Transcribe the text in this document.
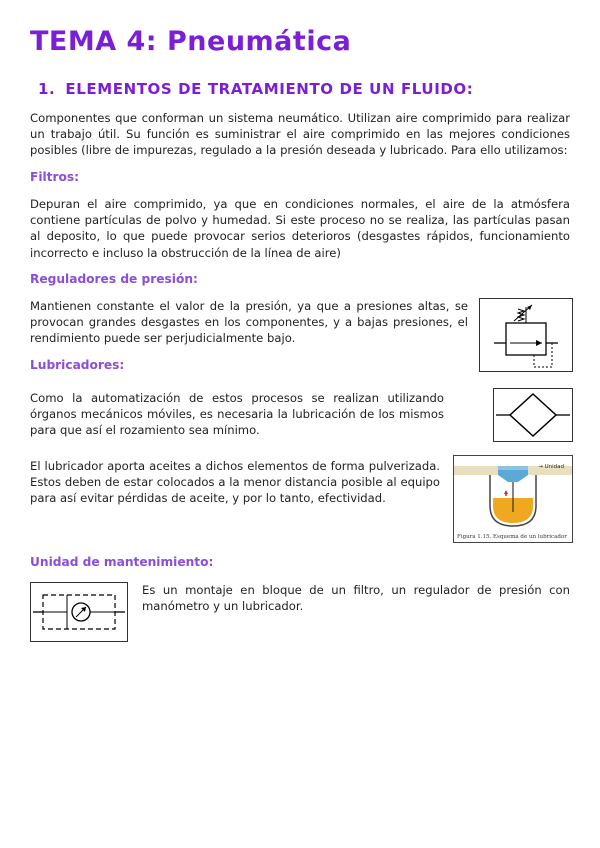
TEMA 4: Pneumática
1. ELEMENTOS DE TRATAMIENTO DE UN FLUIDO:

Componentes que conforman un sistema neumático. Utilizan aire comprimido para realizar un trabajo útil. Su función es suministrar el aire comprimido en las mejores condiciones posibles (libre de impurezas, regulado a la presión deseada y lubricado. Para ello utilizamos:

Filtros:

Depuran el aire comprimido, ya que en condiciones normales, el aire de la atmósfera contiene partículas de polvo y humedad. Si este proceso no se realiza, las partículas pasan al deposito, lo que puede provocar serios deterioros (desgastes rápidos, funcionamiento incorrecto e incluso la obstrucción de la línea de aire)

Reguladores de presión:

Mantienen constante el valor de la presión, ya que a presiones altas, se provocan grandes desgastes en los componentes, y a bajas presiones, el rendimiento puede ser perjudicialmente bajo.

Lubricadores:

Como la automatización de estos procesos se realizan utilizando órganos mecánicos móviles, es necesaria la lubricación de los mismos para que así el rozamiento sea mínimo.

El lubricador aporta aceites a dichos elementos de forma pulverizada. Estos deben de estar colocados a la menor distancia posible al equipo para así evitar pérdidas de aceite, y por lo tanto, efectividad.

→ Unidad
Figura 1.15. Esquema de un lubricador
Unidad de mantenimiento:

Es un montaje en bloque de un filtro, un regulador de presión con manómetro y un lubricador.
